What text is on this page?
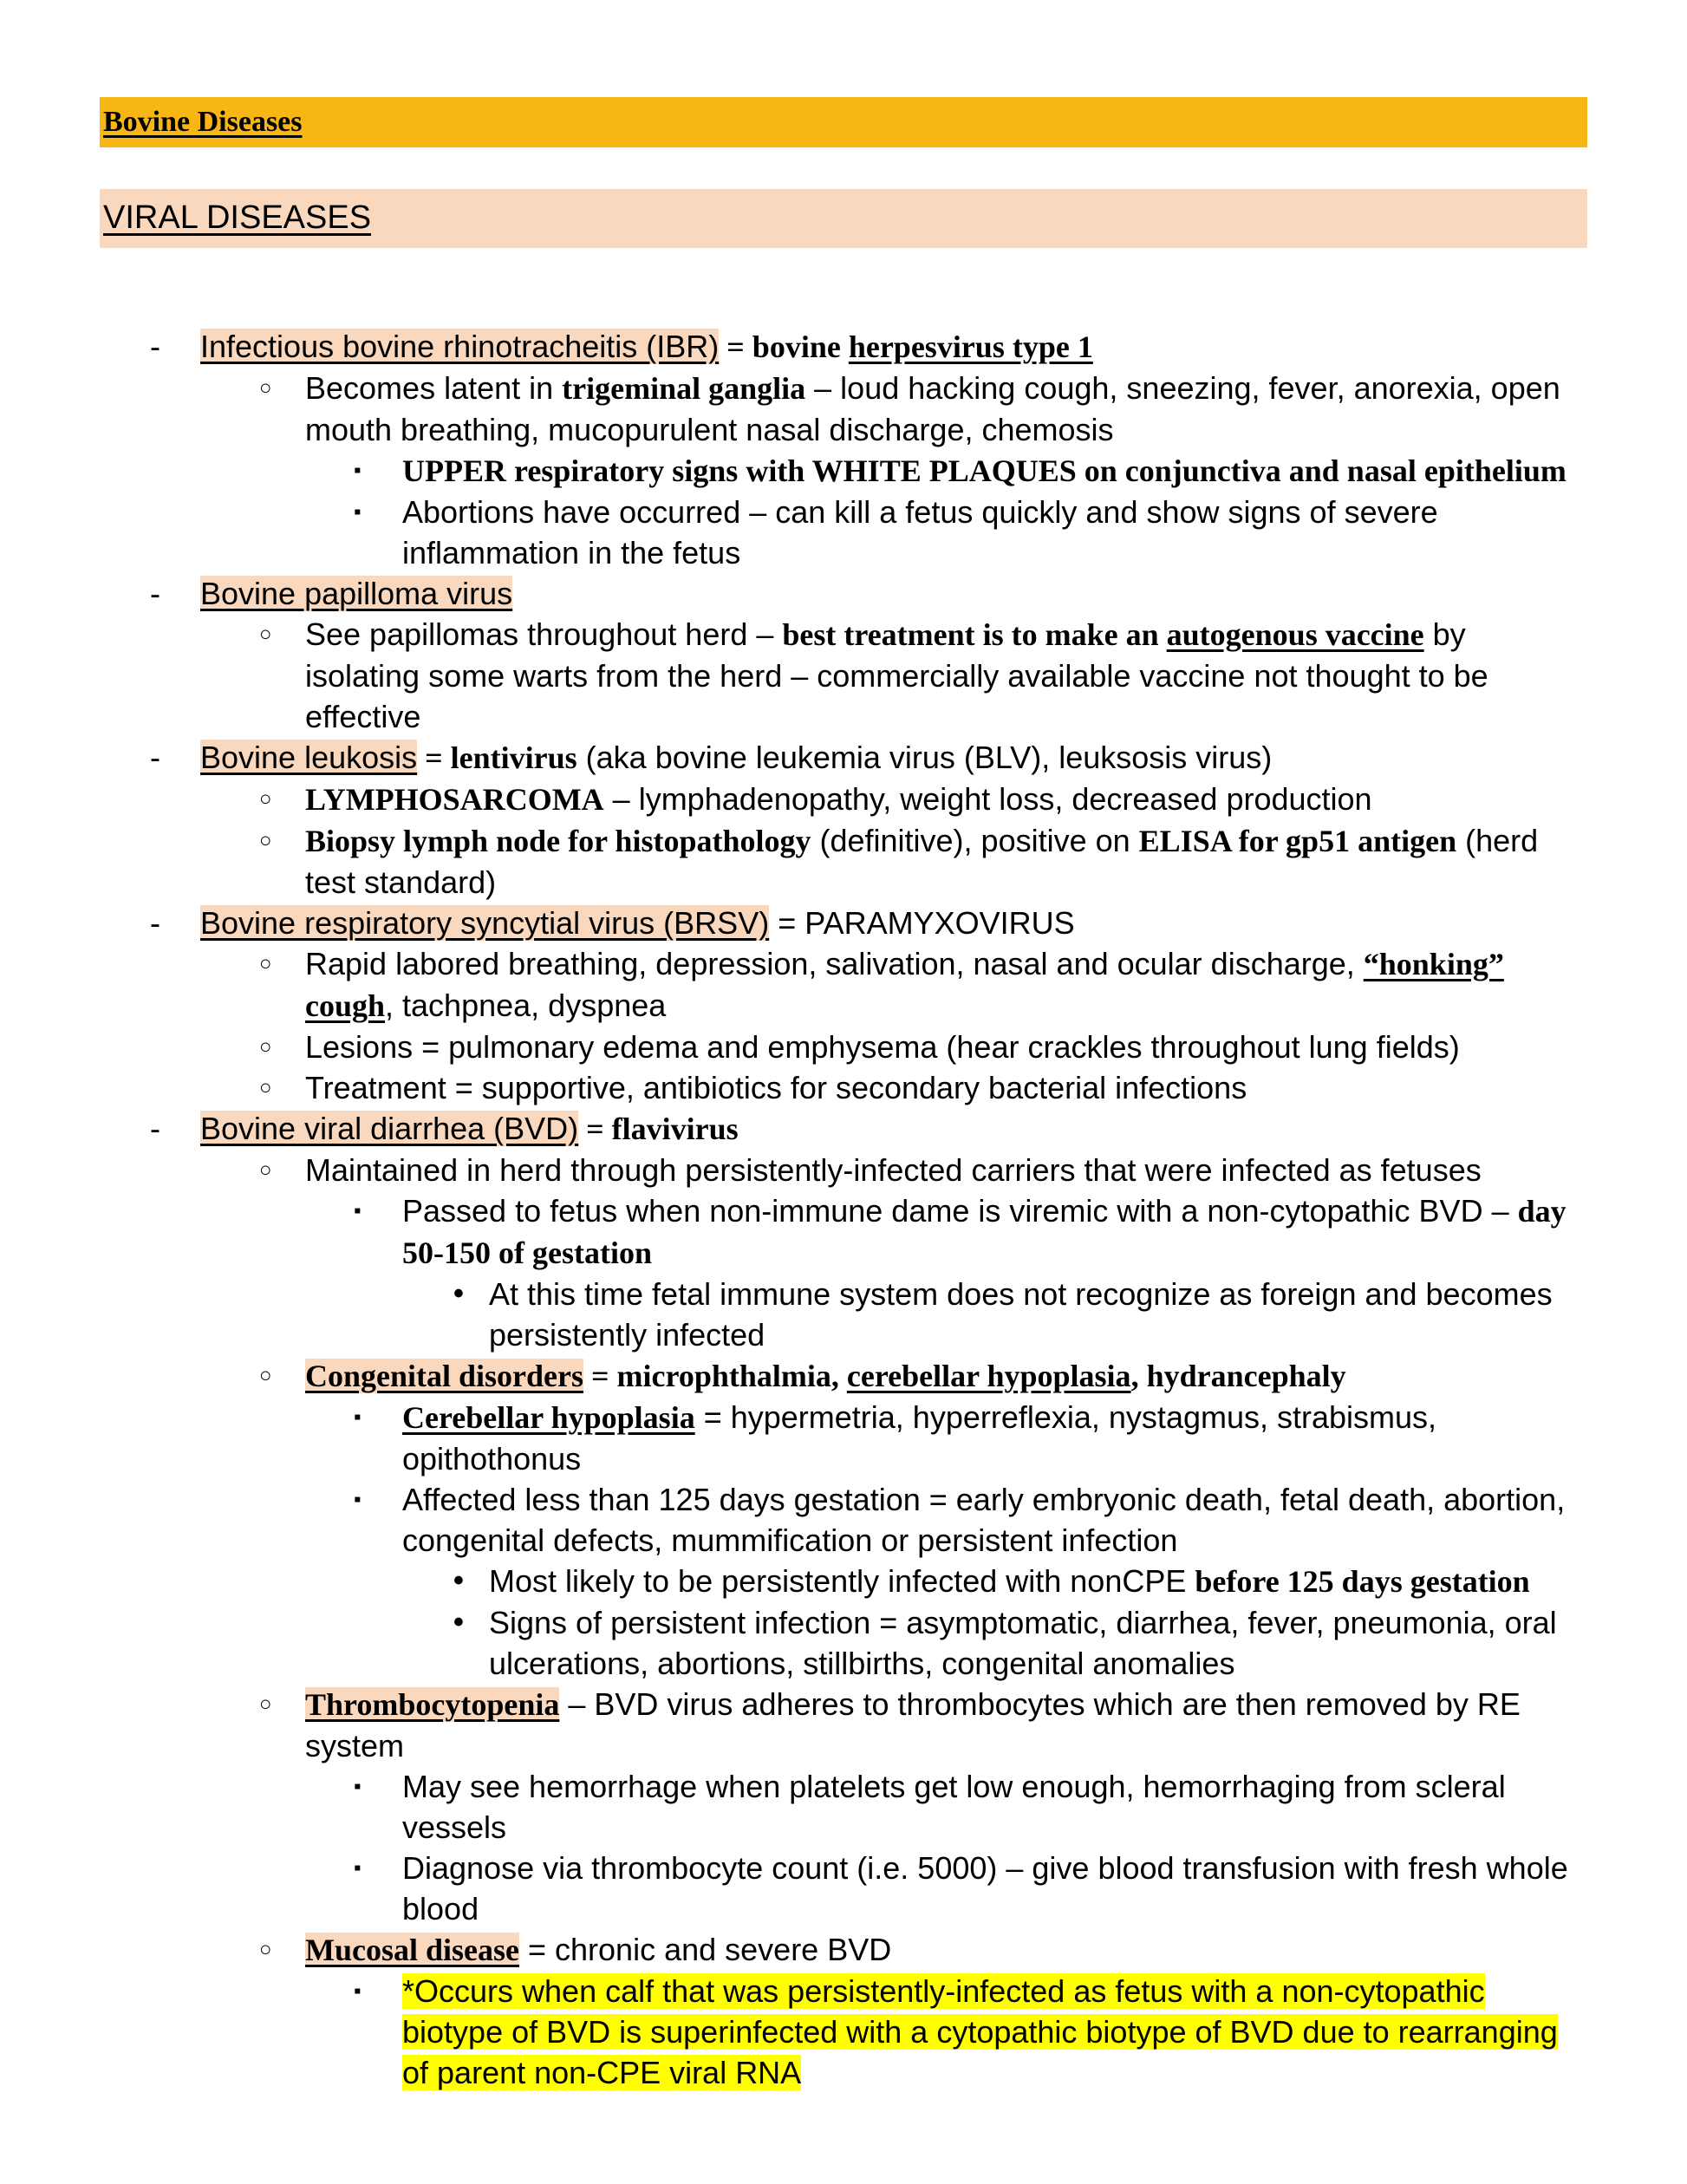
Bovine Diseases
VIRAL DISEASES
- Infectious bovine rhinotracheitis (IBR) = bovine herpesvirus type 1
○ Becomes latent in trigeminal ganglia – loud hacking cough, sneezing, fever, anorexia, open mouth breathing, mucopurulent nasal discharge, chemosis
▪ UPPER respiratory signs with WHITE PLAQUES on conjunctiva and nasal epithelium
▪ Abortions have occurred – can kill a fetus quickly and show signs of severe inflammation in the fetus
- Bovine papilloma virus
○ See papillomas throughout herd – best treatment is to make an autogenous vaccine by isolating some warts from the herd – commercially available vaccine not thought to be effective
- Bovine leukosis = lentivirus (aka bovine leukemia virus (BLV), leuksosis virus)
○ LYMPHOSARCOMA – lymphadenopathy, weight loss, decreased production
○ Biopsy lymph node for histopathology (definitive), positive on ELISA for gp51 antigen (herd test standard)
- Bovine respiratory syncytial virus (BRSV) = PARAMYXOVIRUS
○ Rapid labored breathing, depression, salivation, nasal and ocular discharge, “honking” cough, tachpnea, dyspnea
○ Lesions = pulmonary edema and emphysema (hear crackles throughout lung fields)
○ Treatment = supportive, antibiotics for secondary bacterial infections
- Bovine viral diarrhea (BVD) = flavivirus
○ Maintained in herd through persistently-infected carriers that were infected as fetuses
▪ Passed to fetus when non-immune dame is viremic with a non-cytopathic BVD – day 50-150 of gestation
• At this time fetal immune system does not recognize as foreign and becomes persistently infected
○ Congenital disorders = microphthalmia, cerebellar hypoplasia, hydrancephaly
▪ Cerebellar hypoplasia = hypermetria, hyperreflexia, nystagmus, strabismus, opithothonus
▪ Affected less than 125 days gestation = early embryonic death, fetal death, abortion, congenital defects, mummification or persistent infection
• Most likely to be persistently infected with nonCPE before 125 days gestation
• Signs of persistent infection = asymptomatic, diarrhea, fever, pneumonia, oral ulcerations, abortions, stillbirths, congenital anomalies
○ Thrombocytopenia – BVD virus adheres to thrombocytes which are then removed by RE system
▪ May see hemorrhage when platelets get low enough, hemorrhaging from scleral vessels
▪ Diagnose via thrombocyte count (i.e. 5000) – give blood transfusion with fresh whole blood
○ Mucosal disease = chronic and severe BVD
▪ *Occurs when calf that was persistently-infected as fetus with a non-cytopathic biotype of BVD is superinfected with a cytopathic biotype of BVD due to rearranging of parent non-CPE viral RNA
